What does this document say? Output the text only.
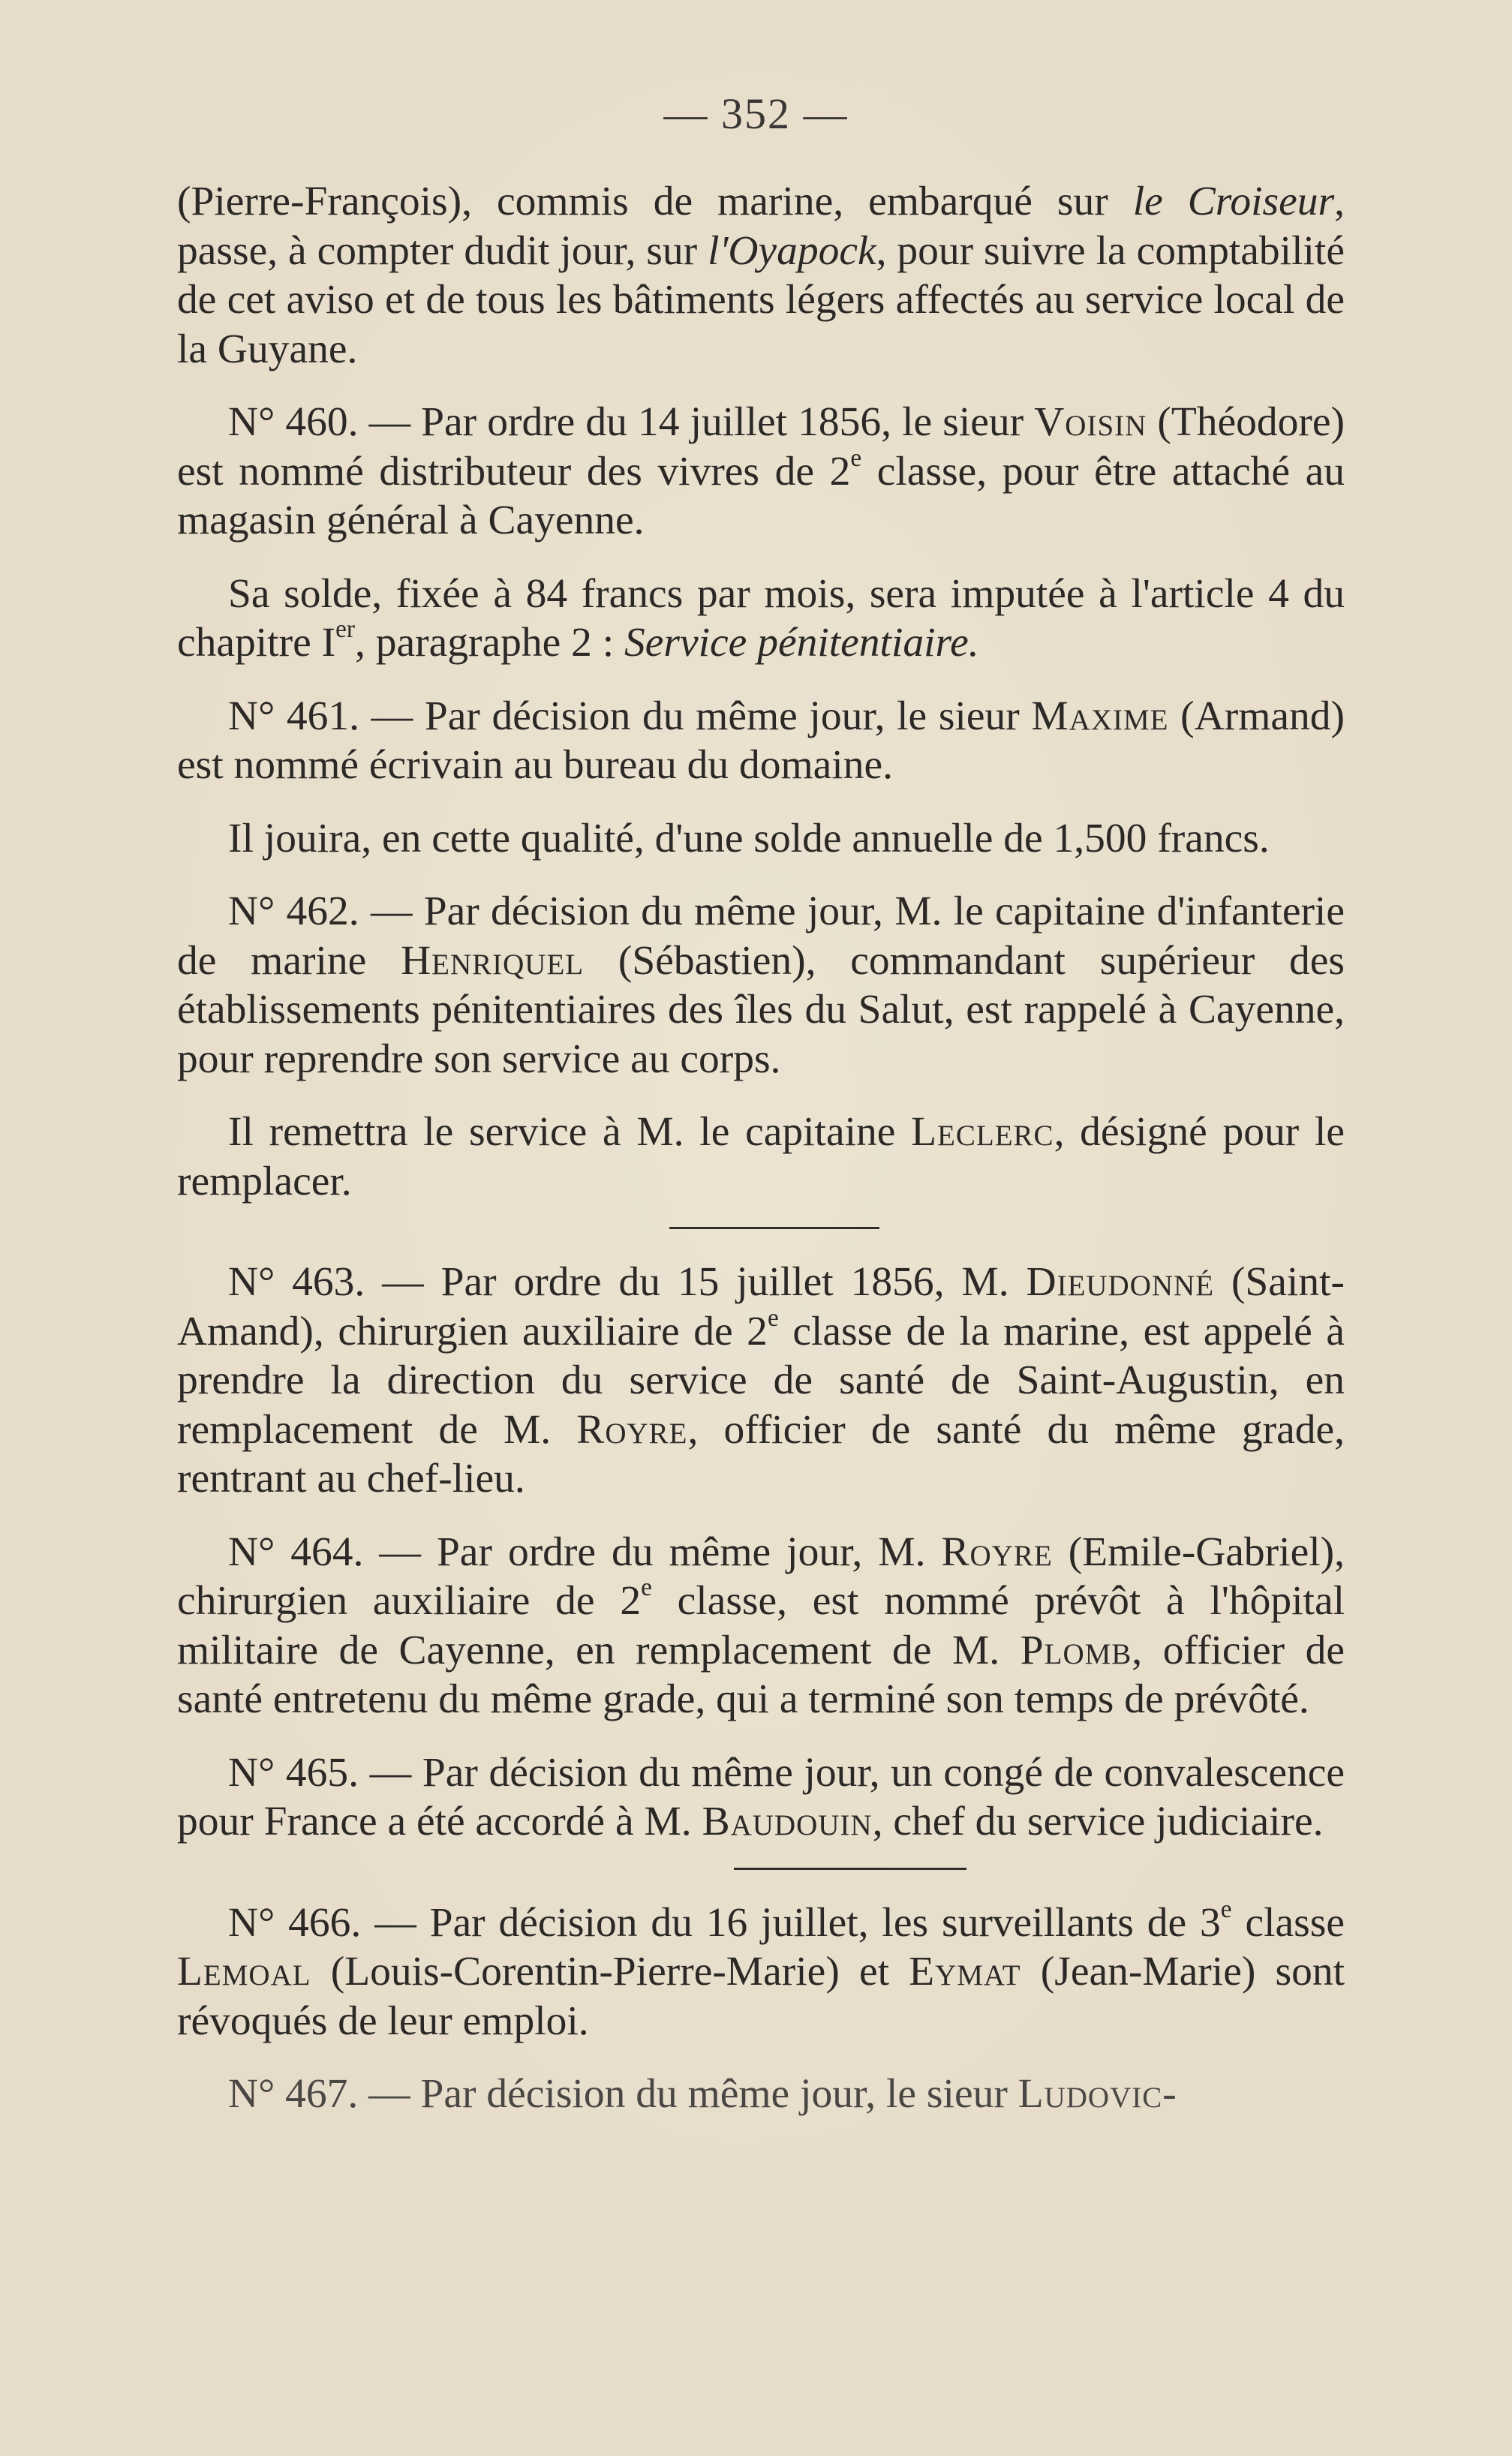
— 352 —

(Pierre-François), commis de marine, embarqué sur le Croiseur, passe, à compter dudit jour, sur l'Oyapock, pour suivre la comptabilité de cet aviso et de tous les bâtiments légers affectés au service local de la Guyane.

N° 460. — Par ordre du 14 juillet 1856, le sieur Voisin (Théodore) est nommé distributeur des vivres de 2e classe, pour être attaché au magasin général à Cayenne.

Sa solde, fixée à 84 francs par mois, sera imputée à l'article 4 du chapitre Ier, paragraphe 2 : Service pénitentiaire.

N° 461. — Par décision du même jour, le sieur Maxime (Armand) est nommé écrivain au bureau du domaine.

Il jouira, en cette qualité, d'une solde annuelle de 1,500 francs.

N° 462. — Par décision du même jour, M. le capitaine d'infanterie de marine Henriquel (Sébastien), commandant supérieur des établissements pénitentiaires des îles du Salut, est rappelé à Cayenne, pour reprendre son service au corps.

Il remettra le service à M. le capitaine Leclerc, désigné pour le remplacer.

N° 463. — Par ordre du 15 juillet 1856, M. Dieudonné (Saint-Amand), chirurgien auxiliaire de 2e classe de la marine, est appelé à prendre la direction du service de santé de Saint-Augustin, en remplacement de M. Royre, officier de santé du même grade, rentrant au chef-lieu.

N° 464. — Par ordre du même jour, M. Royre (Emile-Gabriel), chirurgien auxiliaire de 2e classe, est nommé prévôt à l'hôpital militaire de Cayenne, en remplacement de M. Plomb, officier de santé entretenu du même grade, qui a terminé son temps de prévôté.

N° 465. — Par décision du même jour, un congé de convalescence pour France a été accordé à M. Baudouin, chef du service judiciaire.

N° 466. — Par décision du 16 juillet, les surveillants de 3e classe Lemoal (Louis-Corentin-Pierre-Marie) et Eymat (Jean-Marie) sont révoqués de leur emploi.

N° 467. — Par décision du même jour, le sieur Ludovic-
